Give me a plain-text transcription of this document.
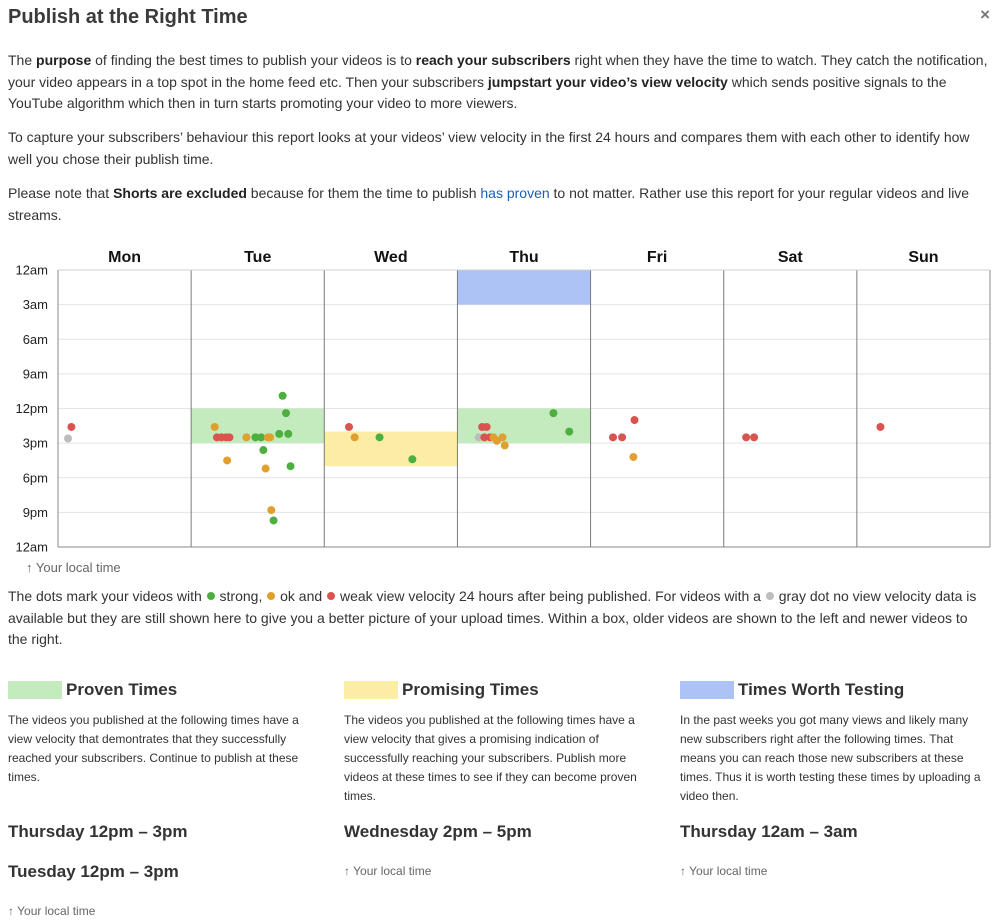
Publish at the Right Time	×

The purpose of finding the best times to publish your videos is to reach your subscribers right when they have the time to watch. They catch the notification, your video appears in a top spot in the home feed etc. Then your subscribers jumpstart your video’s view velocity which sends positive signals to the YouTube algorithm which then in turn starts promoting your video to more viewers.

To capture your subscribers’ behaviour this report looks at your videos’ view velocity in the first 24 hours and compares them with each other to identify how well you chose their publish time.

Please note that Shorts are excluded because for them the time to publish has proven to not matter. Rather use this report for your regular videos and live streams.

Mon	Tue	Wed	Thu	Fri	Sat	Sun
12am
3am
6am
9am
12pm
3pm
6pm
9pm
12am

↑ Your local time

The dots mark your videos with  strong,  ok and  weak view velocity 24 hours after being published. For videos with a  gray dot no view velocity data is available but they are still shown here to give you a better picture of your upload times. Within a box, older videos are shown to the left and newer videos to the right.

Proven Times

The videos you published at the following times have a view velocity that demontrates that they successfully reached your subscribers. Continue to publish at these times.

Thursday 12pm – 3pm

Tuesday 12pm – 3pm

↑ Your local time

Promising Times

The videos you published at the following times have a view velocity that gives a promising indication of successfully reaching your subscribers. Publish more videos at these times to see if they can become proven times.

Wednesday 2pm – 5pm

↑ Your local time

Times Worth Testing

In the past weeks you got many views and likely many new subscribers right after the following times. That means you can reach those new subscribers at these times. Thus it is worth testing these times by uploading a video then.

Thursday 12am – 3am

↑ Your local time
